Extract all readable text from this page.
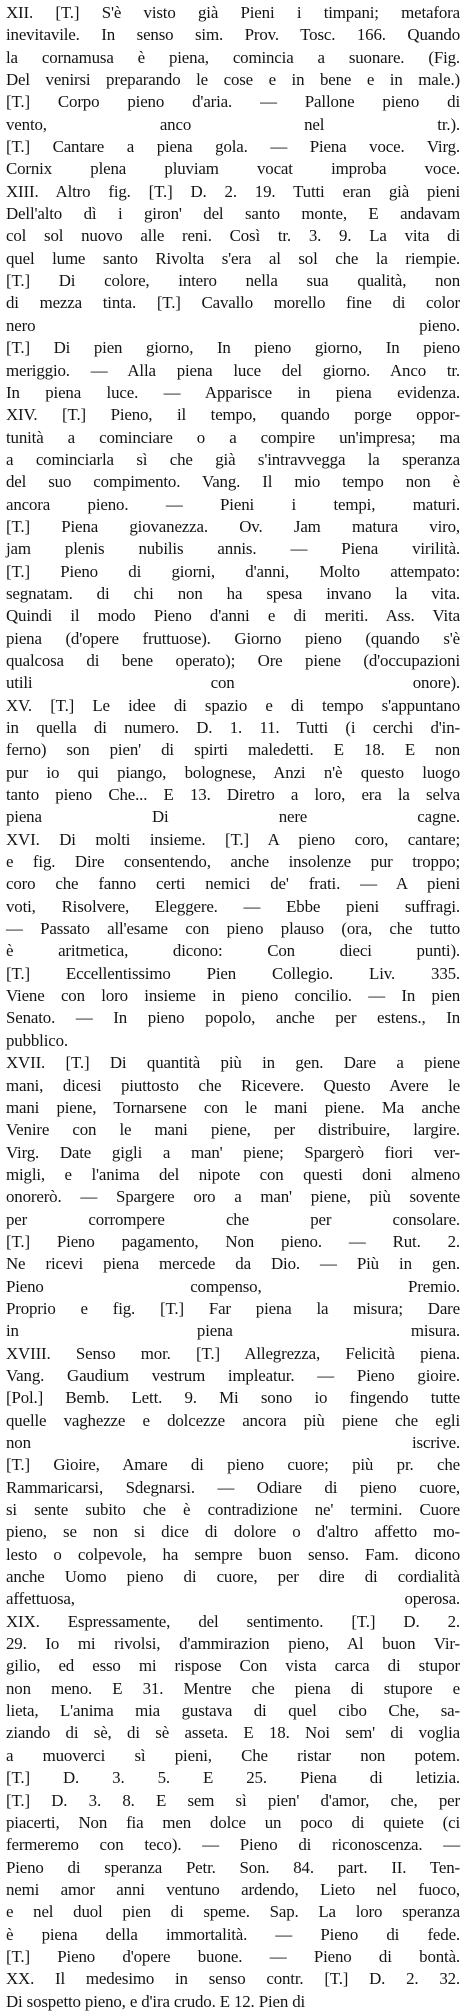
XII. [T.] S'è visto già Pieni i timpani; metafora
inevitavile. In senso sim. Prov. Tosc. 166. Quando
la cornamusa è piena, comincia a suonare. (Fig.
Del venirsi preparando le cose e in bene e in male.)
[T.] Corpo pieno d'aria. — Pallone pieno di
vento, anco nel tr.).
[T.] Cantare a piena gola. — Piena voce. Virg.
Cornix plena pluviam vocat improba voce.
XIII. Altro fig. [T.] D. 2. 19. Tutti eran già pieni
Dell'alto dì i giron' del santo monte, E andavam
col sol nuovo alle reni. Così tr. 3. 9. La vita di
quel lume santo Rivolta s'era al sol che la riempie.
[T.] Di colore, intero nella sua qualità, non
di mezza tinta. [T.] Cavallo morello fine di color
nero pieno.
[T.] Di pien giorno, In pieno giorno, In pieno
meriggio. — Alla piena luce del giorno. Anco tr.
In piena luce. — Apparisce in piena evidenza.
XIV. [T.] Pieno, il tempo, quando porge oppor-
tunità a cominciare o a compire un'impresa; ma
a cominciarla sì che già s'intravvegga la speranza
del suo compimento. Vang. Il mio tempo non è
ancora pieno. — Pieni i tempi, maturi.
[T.] Piena giovanezza. Ov. Jam matura viro,
jam plenis nubilis annis. — Piena virilità.
[T.] Pieno di giorni, d'anni, Molto attempato:
segnatam. di chi non ha spesa invano la vita.
Quindi il modo Pieno d'anni e di meriti. Ass. Vita
piena (d'opere fruttuose). Giorno pieno (quando s'è
qualcosa di bene operato); Ore piene (d'occupazioni
utili con onore).
XV. [T.] Le idee di spazio e di tempo s'appuntano
in quella di numero. D. 1. 11. Tutti (i cerchi d'in-
ferno) son pien' di spirti maledetti. E 18. E non
pur io qui piango, bolognese, Anzi n'è questo luogo
tanto pieno Che... E 13. Diretro a loro, era la selva
piena Di nere cagne.
XVI. Di molti insieme. [T.] A pieno coro, cantare;
e fig. Dire consentendo, anche insolenze pur troppo;
coro che fanno certi nemici de' frati. — A pieni
voti, Risolvere, Eleggere. — Ebbe pieni suffragi.
— Passato all'esame con pieno plauso (ora, che tutto
è aritmetica, dicono: Con dieci punti).
[T.] Eccellentissimo Pien Collegio. Liv. 335.
Viene con loro insieme in pieno concilio. — In pien
Senato. — In pieno popolo, anche per estens., In
pubblico.
XVII. [T.] Di quantità più in gen. Dare a piene
mani, dicesi piuttosto che Ricevere. Questo Avere le
mani piene, Tornarsene con le mani piene. Ma anche
Venire con le mani piene, per distribuire, largire.
Virg. Date gigli a man' piene; Spargerò fiori ver-
migli, e l'anima del nipote con questi doni almeno
onorerò. — Spargere oro a man' piene, più sovente
per corrompere che per consolare.
[T.] Pieno pagamento, Non pieno. — Rut. 2.
Ne ricevi piena mercede da Dio. — Più in gen.
Pieno compenso, Premio.
Proprio e fig. [T.] Far piena la misura; Dare
in piena misura.
XVIII. Senso mor. [T.] Allegrezza, Felicità piena.
Vang. Gaudium vestrum impleatur. — Pieno gioire.
[Pol.] Bemb. Lett. 9. Mi sono io fingendo tutte
quelle vaghezze e dolcezze ancora più piene che egli
non iscrive.
[T.] Gioire, Amare di pieno cuore; più pr. che
Rammaricarsi, Sdegnarsi. — Odiare di pieno cuore,
si sente subito che è contradizione ne' termini. Cuore
pieno, se non si dice di dolore o d'altro affetto mo-
lesto o colpevole, ha sempre buon senso. Fam. dicono
anche Uomo pieno di cuore, per dire di cordialità
affettuosa, operosa.
XIX. Espressamente, del sentimento. [T.] D. 2.
29. Io mi rivolsi, d'ammirazion pieno, Al buon Vir-
gilio, ed esso mi rispose Con vista carca di stupor
non meno. E 31. Mentre che piena di stupore e
lieta, L'anima mia gustava di quel cibo Che, sa-
ziando di sè, di sè asseta. E 18. Noi sem' di voglia
a muoverci sì pieni, Che ristar non potem.
[T.] D. 3. 5. E 25. Piena di letizia.
[T.] D. 3. 8. E sem sì pien' d'amor, che, per
piacerti, Non fia men dolce un poco di quiete (ci
fermeremo con teco). — Pieno di riconoscenza. —
Pieno di speranza Petr. Son. 84. part. II. Ten-
nemi amor anni ventuno ardendo, Lieto nel fuoco,
e nel duol pien di speme. Sap. La loro speranza
è piena della immortalità. — Pieno di fede.
[T.] Pieno d'opere buone. — Pieno di bontà.
XX. Il medesimo in senso contr. [T.] D. 2. 32.
Di sospetto pieno, e d'ira crudo. E 12. Pien di
